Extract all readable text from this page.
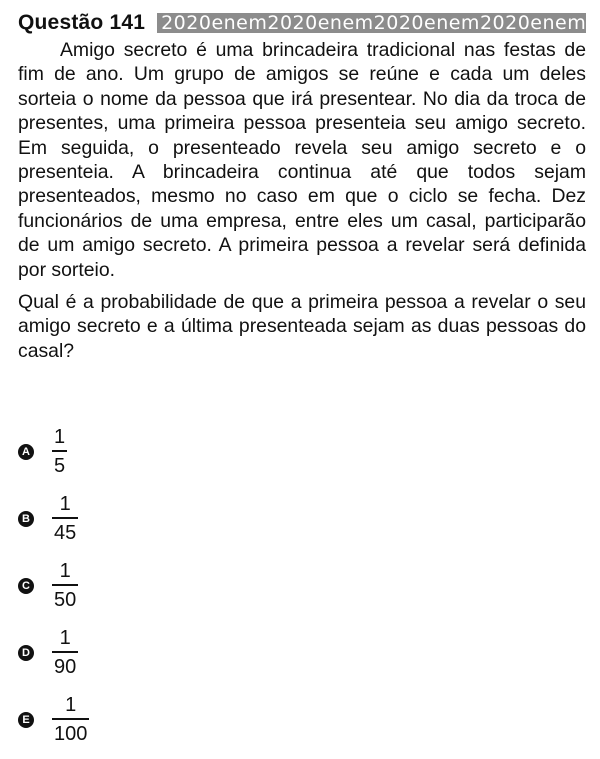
Questão 141 2020enem2020enem2020enem2020enem

Amigo secreto é uma brincadeira tradicional nas festas de fim de ano. Um grupo de amigos se reúne e cada um deles sorteia o nome da pessoa que irá presentear. No dia da troca de presentes, uma primeira pessoa presenteia seu amigo secreto. Em seguida, o presenteado revela seu amigo secreto e o presenteia. A brincadeira continua até que todos sejam presenteados, mesmo no caso em que o ciclo se fecha. Dez funcionários de uma empresa, entre eles um casal, participarão de um amigo secreto. A primeira pessoa a revelar será definida por sorteio.

Qual é a probabilidade de que a primeira pessoa a revelar o seu amigo secreto e a última presenteada sejam as duas pessoas do casal?

A $\frac{1}{5}$
B $\frac{1}{45}$
C $\frac{1}{50}$
D $\frac{1}{90}$
E $\frac{1}{100}$
